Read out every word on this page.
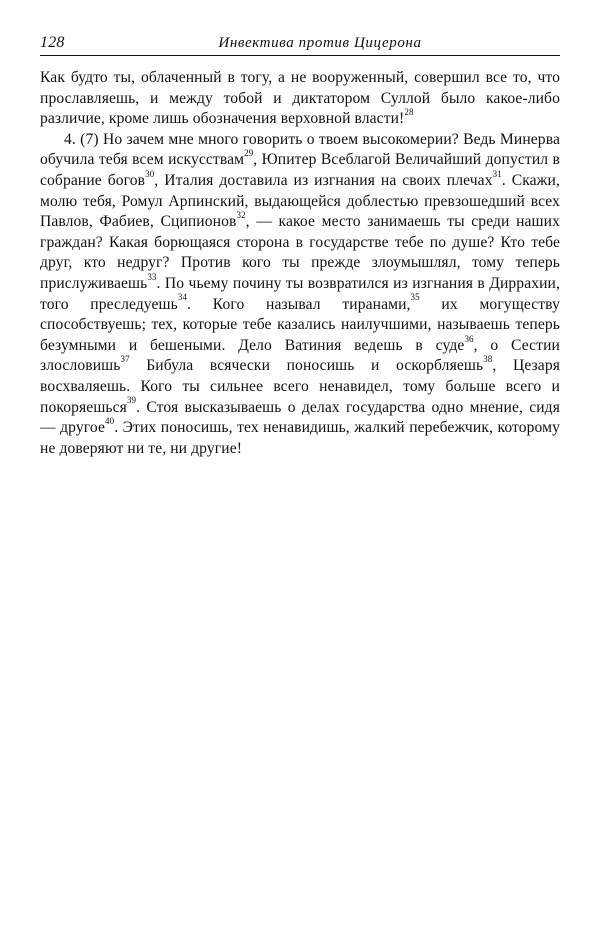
128	Инвектива против Цицерона

Как будто ты, облаченный в тогу, а не вооруженный, совершил все то, что прославляешь, и между тобой и диктатором Суллой было какое-либо различие, кроме лишь обозначения верховной власти!$^{28}$

4. (7) Но зачем мне много говорить о твоем высокомерии? Ведь Минерва обучила тебя всем искусствам$^{29}$, Юпитер Всеблагой Величайший допустил в собрание богов$^{30}$, Италия доставила из изгнания на своих плечах$^{31}$. Скажи, молю тебя, Ромул Арпинский, выдающейся доблестью превзошедший всех Павлов, Фабиев, Сципионов$^{32}$, — какое место занимаешь ты среди наших граждан? Какая борющаяся сторона в государстве тебе по душе? Кто тебе друг, кто недруг? Против кого ты прежде злоумышлял, тому теперь прислуживаешь$^{33}$. По чьему почину ты возвратился из изгнания в Диррахии, того преследуешь$^{34}$. Кого называл тиранами,$^{35}$ их могуществу способствуешь; тех, которые тебе казались наилучшими, называешь теперь безумными и бешеными. Дело Ватиния ведешь в суде$^{36}$, о Сестии злословишь$^{37}$ Бибула всячески поносишь и оскорбляешь$^{38}$, Цезаря восхваляешь. Кого ты сильнее всего ненавидел, тому больше всего и покоряешься$^{39}$. Стоя высказываешь о делах государства одно мнение, сидя — другое$^{40}$. Этих поносишь, тех ненавидишь, жалкий перебежчик, которому не доверяют ни те, ни другие!
